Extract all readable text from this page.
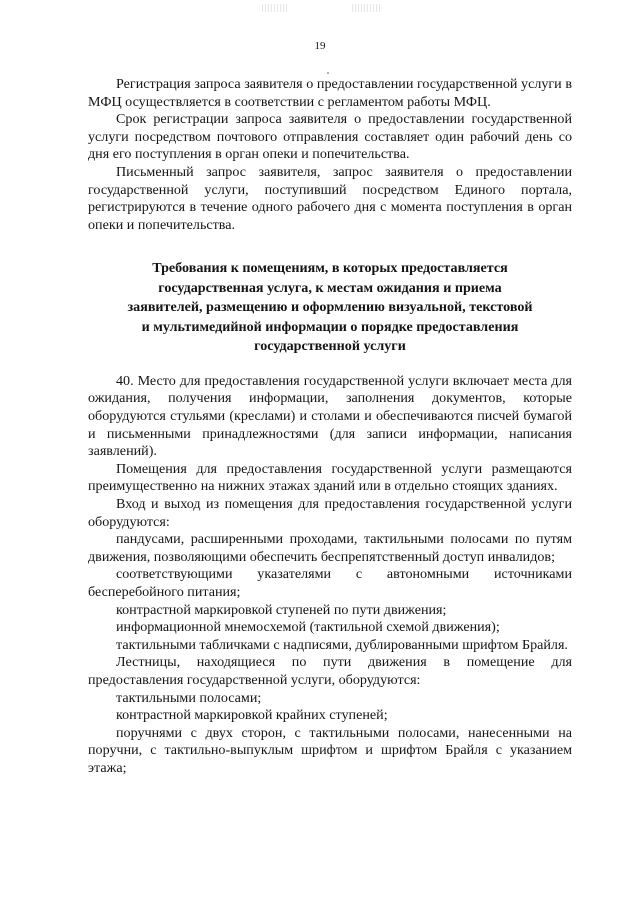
19

Регистрация запроса заявителя о предоставлении государственной услуги в МФЦ осуществляется в соответствии с регламентом работы МФЦ.

Срок регистрации запроса заявителя о предоставлении государственной услуги посредством почтового отправления составляет один рабочий день со дня его поступления в орган опеки и попечительства.

Письменный запрос заявителя, запрос заявителя о предоставлении государственной услуги, поступивший посредством Единого портала, регистрируются в течение одного рабочего дня с момента поступления в орган опеки и попечительства.

Требования к помещениям, в которых предоставляется
государственная услуга, к местам ожидания и приема
заявителей, размещению и оформлению визуальной, текстовой
и мультимедийной информации о порядке предоставления
государственной услуги

40. Место для предоставления государственной услуги включает места для ожидания, получения информации, заполнения документов, которые оборудуются стульями (креслами) и столами и обеспечиваются писчей бумагой и письменными принадлежностями (для записи информации, написания заявлений).

Помещения для предоставления государственной услуги размещаются преимущественно на нижних этажах зданий или в отдельно стоящих зданиях.

Вход и выход из помещения для предоставления государственной услуги оборудуются:

пандусами, расширенными проходами, тактильными полосами по путям движения, позволяющими обеспечить беспрепятственный доступ инвалидов;

соответствующими указателями с автономными источниками бесперебойного питания;

контрастной маркировкой ступеней по пути движения;

информационной мнемосхемой (тактильной схемой движения);

тактильными табличками с надписями, дублированными шрифтом Брайля.

Лестницы, находящиеся по пути движения в помещение для предоставления государственной услуги, оборудуются:

тактильными полосами;

контрастной маркировкой крайних ступеней;

поручнями с двух сторон, с тактильными полосами, нанесенными на поручни, с тактильно-выпуклым шрифтом и шрифтом Брайля с указанием этажа;
